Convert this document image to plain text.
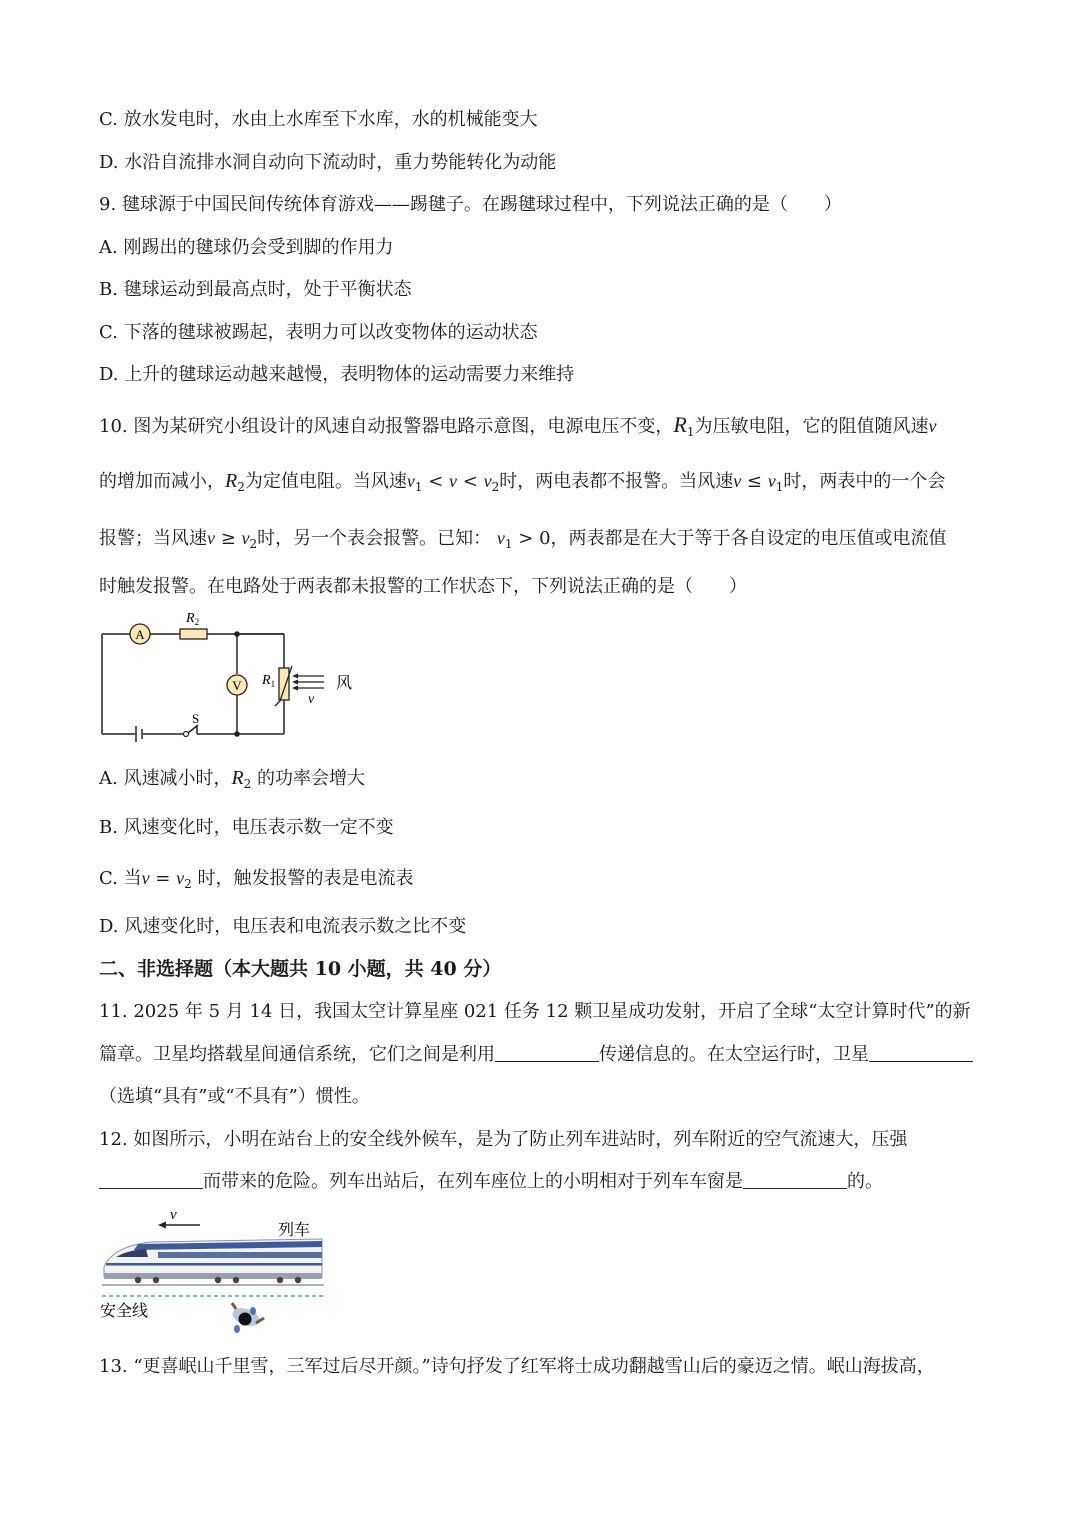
C. 放水发电时，水由上水库至下水库，水的机械能变大
D. 水沿自流排水洞自动向下流动时，重力势能转化为动能
9. 毽球源于中国民间传统体育游戏——踢毽子。在踢毽球过程中，下列说法正确的是（　　）
A. 刚踢出的毽球仍会受到脚的作用力
B. 毽球运动到最高点时，处于平衡状态
C. 下落的毽球被踢起，表明力可以改变物体的运动状态
D. 上升的毽球运动越来越慢，表明物体的运动需要力来维持
10. 图为某研究小组设计的风速自动报警器电路示意图，电源电压不变，$R_1$为压敏电阻，它的阻值随风速v
的增加而减小，$R_2$为定值电阻。当风速$v_1 < v < v_2$时，两电表都不报警。当风速$v \le v_1$时，两表中的一个会
报警；当风速$v \ge v_2$时，另一个表会报警。已知： $v_1 > 0$，两表都是在大于等于各自设定的电压值或电流值
时触发报警。在电路处于两表都未报警的工作状态下，下列说法正确的是（　　）
A
$R_2$
V $R_1$
v
风
S
A. 风速减小时，$R_2$ 的功率会增大
B. 风速变化时，电压表示数一定不变
C. 当$v = v_2$ 时，触发报警的表是电流表
D. 风速变化时，电压表和电流表示数之比不变
二、非选择题（本大题共 10 小题，共 40 分）
11. 2025 年 5 月 14 日，我国太空计算星座 021 任务 12 颗卫星成功发射，开启了全球“太空计算时代”的新
篇章。卫星均搭载星间通信系统，它们之间是利用	传递信息的。在太空运行时，卫星
（选填“具有”或“不具有”）惯性。
12. 如图所示，小明在站台上的安全线外候车，是为了防止列车进站时，列车附近的空气流速大，压强
而带来的危险。列车出站后，在列车座位上的小明相对于列车车窗是	的。
v
列车
安全线
13. “更喜岷山千里雪，三军过后尽开颜。”诗句抒发了红军将士成功翻越雪山后的豪迈之情。岷山海拔高，
